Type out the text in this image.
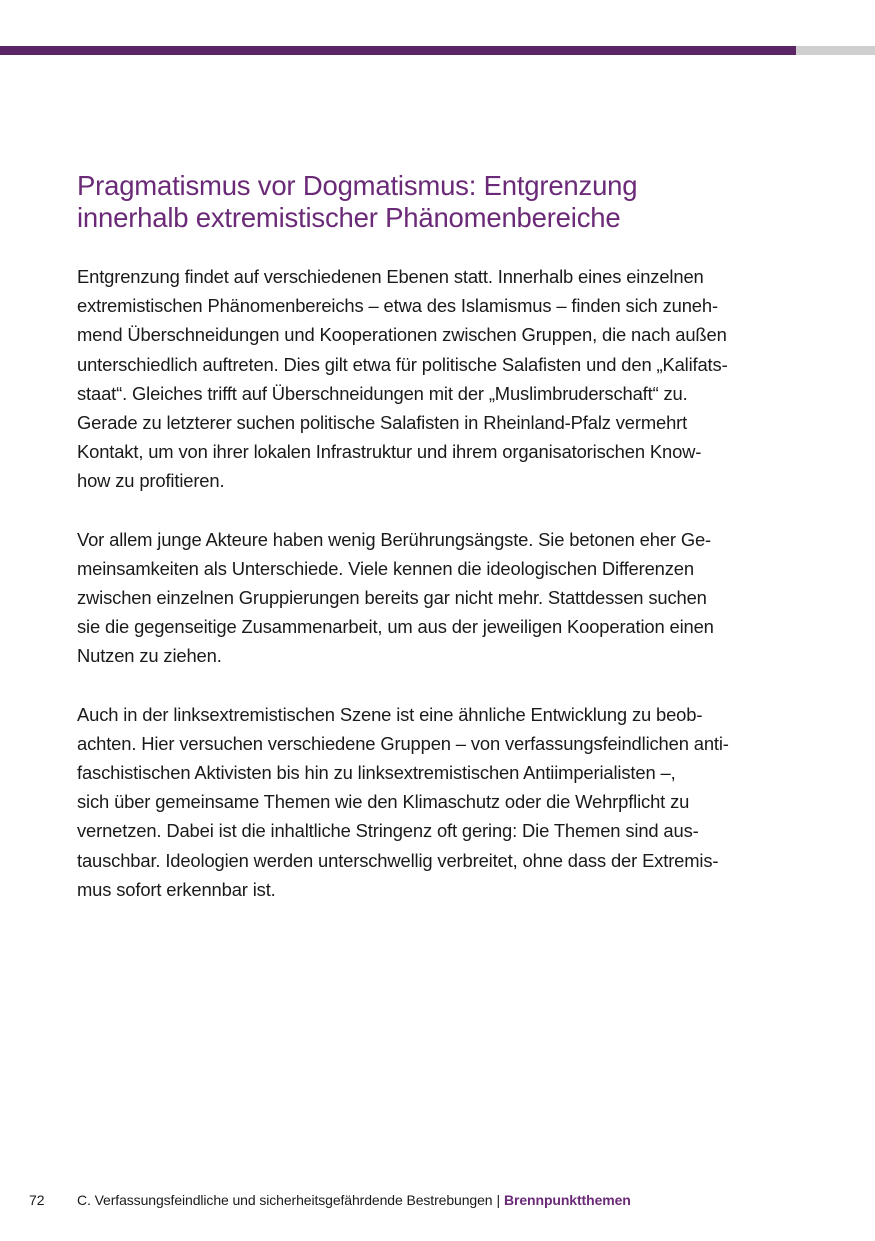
Pragmatismus vor Dogmatismus: Entgrenzung
innerhalb extremistischer Phänomenbereiche

Entgrenzung findet auf verschiedenen Ebenen statt. Innerhalb eines einzelnen
extremistischen Phänomenbereichs – etwa des Islamismus – finden sich zuneh-
mend Überschneidungen und Kooperationen zwischen Gruppen, die nach außen
unterschiedlich auftreten. Dies gilt etwa für politische Salafisten und den „Kalifats-
staat“. Gleiches trifft auf Überschneidungen mit der „Muslimbruderschaft“ zu.
Gerade zu letzterer suchen politische Salafisten in Rheinland-Pfalz vermehrt
Kontakt, um von ihrer lokalen Infrastruktur und ihrem organisatorischen Know-
how zu profitieren.

Vor allem junge Akteure haben wenig Berührungsängste. Sie betonen eher Ge-
meinsamkeiten als Unterschiede. Viele kennen die ideologischen Differenzen
zwischen einzelnen Gruppierungen bereits gar nicht mehr. Stattdessen suchen
sie die gegenseitige Zusammenarbeit, um aus der jeweiligen Kooperation einen
Nutzen zu ziehen.

Auch in der linksextremistischen Szene ist eine ähnliche Entwicklung zu beob-
achten. Hier versuchen verschiedene Gruppen – von verfassungsfeindlichen anti-
faschistischen Aktivisten bis hin zu linksextremistischen Antiimperialisten –,
sich über gemeinsame Themen wie den Klimaschutz oder die Wehrpflicht zu
vernetzen. Dabei ist die inhaltliche Stringenz oft gering: Die Themen sind aus-
tauschbar. Ideologien werden unterschwellig verbreitet, ohne dass der Extremis-
mus sofort erkennbar ist.

72 C. Verfassungsfeindliche und sicherheitsgefährdende Bestrebungen | Brennpunktthemen
